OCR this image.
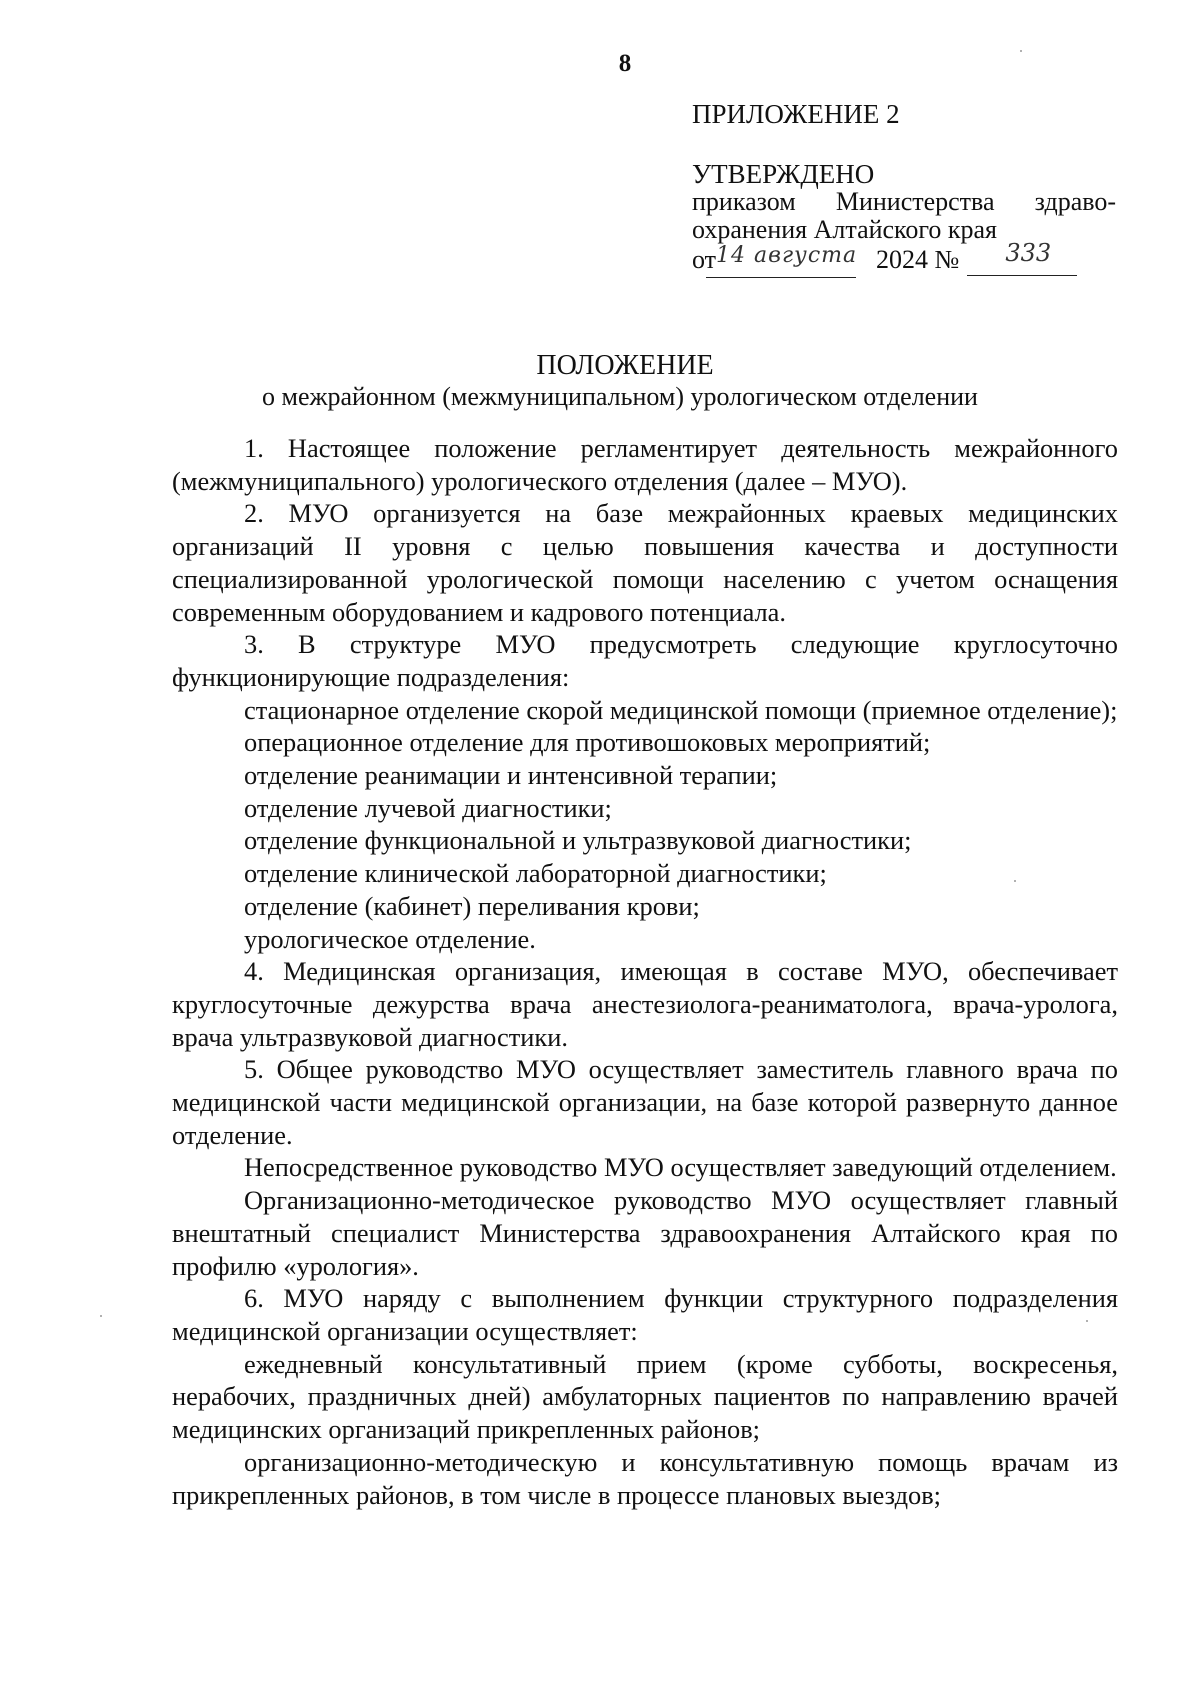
8
ПРИЛОЖЕНИЕ 2
УТВЕРЖДЕНО
приказом Министерства здраво-
охранения Алтайского края
от14 августа 2024 № 333
ПОЛОЖЕНИЕ
о межрайонном (межмуниципальном) урологическом отделении

1. Настоящее положение регламентирует деятельность межрайонного (межмуниципального) урологического отделения (далее – МУО).

2. МУО организуется на базе межрайонных краевых медицинских организаций II уровня с целью повышения качества и доступности специализированной урологической помощи населению с учетом оснащения современным оборудованием и кадрового потенциала.

3. В структуре МУО предусмотреть следующие круглосуточно функционирующие подразделения:

стационарное отделение скорой медицинской помощи (приемное отделение);

операционное отделение для противошоковых мероприятий;

отделение реанимации и интенсивной терапии;

отделение лучевой диагностики;

отделение функциональной и ультразвуковой диагностики;

отделение клинической лабораторной диагностики;

отделение (кабинет) переливания крови;

урологическое отделение.

4. Медицинская организация, имеющая в составе МУО, обеспечивает круглосуточные дежурства врача анестезиолога-реаниматолога, врача-уролога, врача ультразвуковой диагностики.

5. Общее руководство МУО осуществляет заместитель главного врача по медицинской части медицинской организации, на базе которой развернуто данное отделение.

Непосредственное руководство МУО осуществляет заведующий отделением.

Организационно-методическое руководство МУО осуществляет главный внештатный специалист Министерства здравоохранения Алтайского края по профилю «урология».

6. МУО наряду с выполнением функции структурного подразделения медицинской организации осуществляет:

ежедневный консультативный прием (кроме субботы, воскресенья, нерабочих, праздничных дней) амбулаторных пациентов по направлению врачей медицинских организаций прикрепленных районов;

организационно-методическую и консультативную помощь врачам из прикрепленных районов, в том числе в процессе плановых выездов;
